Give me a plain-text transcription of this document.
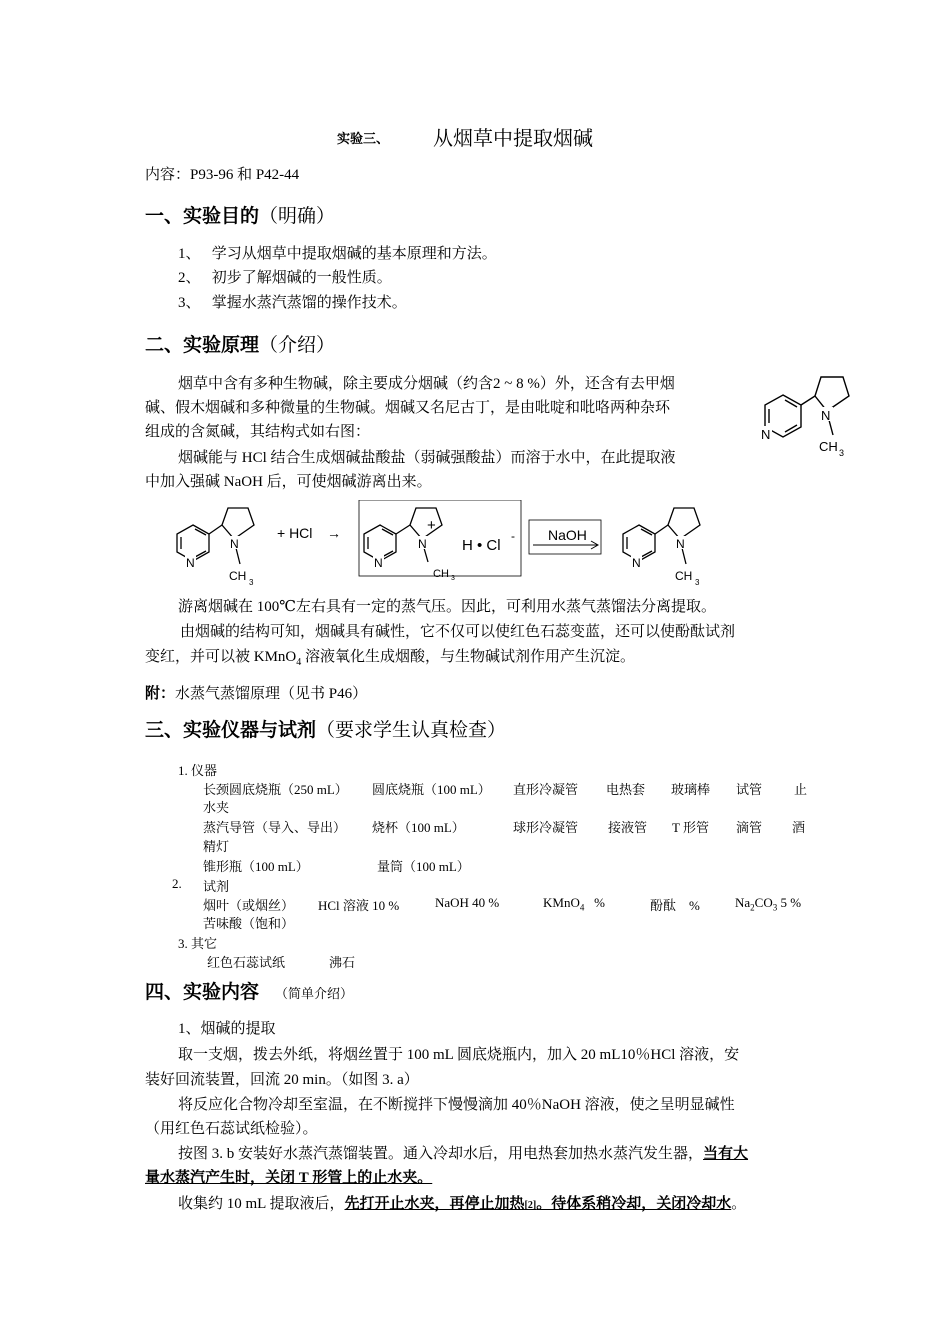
实验三、 从烟草中提取烟碱
内容：P93-96 和 P42-44
一、实验目的（明确）
1、 学习从烟草中提取烟碱的基本原理和方法。
2、 初步了解烟碱的一般性质。
3、 掌握水蒸汽蒸馏的操作技术。
二、实验原理（介绍）
烟草中含有多种生物碱，除主要成分烟碱（约含2 ~ 8 %）外，还含有去甲烟
碱、假木烟碱和多种微量的生物碱。烟碱又名尼古丁，是由吡啶和吡咯两种杂环
组成的含氮碱，其结构式如右图：
烟碱能与 HCl 结合生成烟碱盐酸盐（弱碱强酸盐）而溶于水中，在此提取液
中加入强碱 NaOH 后，可使烟碱游离出来。
N
N
CH 3
N
N
CH 3
+ HCl →
N
N
+
CH 3
H • Cl
- NaOH
N
N
CH 3
游离烟碱在 100℃左右具有一定的蒸气压。因此，可利用水蒸气蒸馏法分离提取。
由烟碱的结构可知，烟碱具有碱性，它不仅可以使红色石蕊变蓝，还可以使酚酞试剂
变红，并可以被 KMnO$_4$ 溶液氧化生成烟酸，与生物碱试剂作用产生沉淀。
附：水蒸气蒸馏原理（见书 P46）
三、实验仪器与试剂（要求学生认真检查）
1. 仪器
长颈圆底烧瓶（250 mL） 圆底烧瓶（100 mL） 直形冷凝管 电热套 玻璃棒 试管 止
水夹
蒸汽导管（导入、导出） 烧杯（100 mL）	球形冷凝管 接液管 T 形管 滴管 酒
精灯
锥形瓶（100 mL）	量筒（100 mL）
2. 试剂
烟叶（或烟丝） HCl 溶液 10 %	NaOH 40 %	KMnO$_4$ %	酚酞 %	$Na_2CO_3$ 5 %
苦味酸（饱和）
3. 其它
红色石蕊试纸	沸石
四、实验内容 （简单介绍）
1、烟碱的提取
取一支烟，拨去外纸，将烟丝置于 100 mL 圆底烧瓶内，加入 20 mL10％HCl 溶液，安
装好回流装置，回流 20 min。（如图 3. a）
将反应化合物冷却至室温，在不断搅拌下慢慢滴加 40％NaOH 溶液，使之呈明显碱性
（用红色石蕊试纸检验）。
按图 3. b 安装好水蒸汽蒸馏装置。通入冷却水后，用电热套加热水蒸汽发生器，当有大
量水蒸汽产生时，关闭 T 形管上的止水夹。
收集约 10 mL 提取液后，先打开止水夹，再停止加热[2]。待体系稍冷却，关闭冷却水。
